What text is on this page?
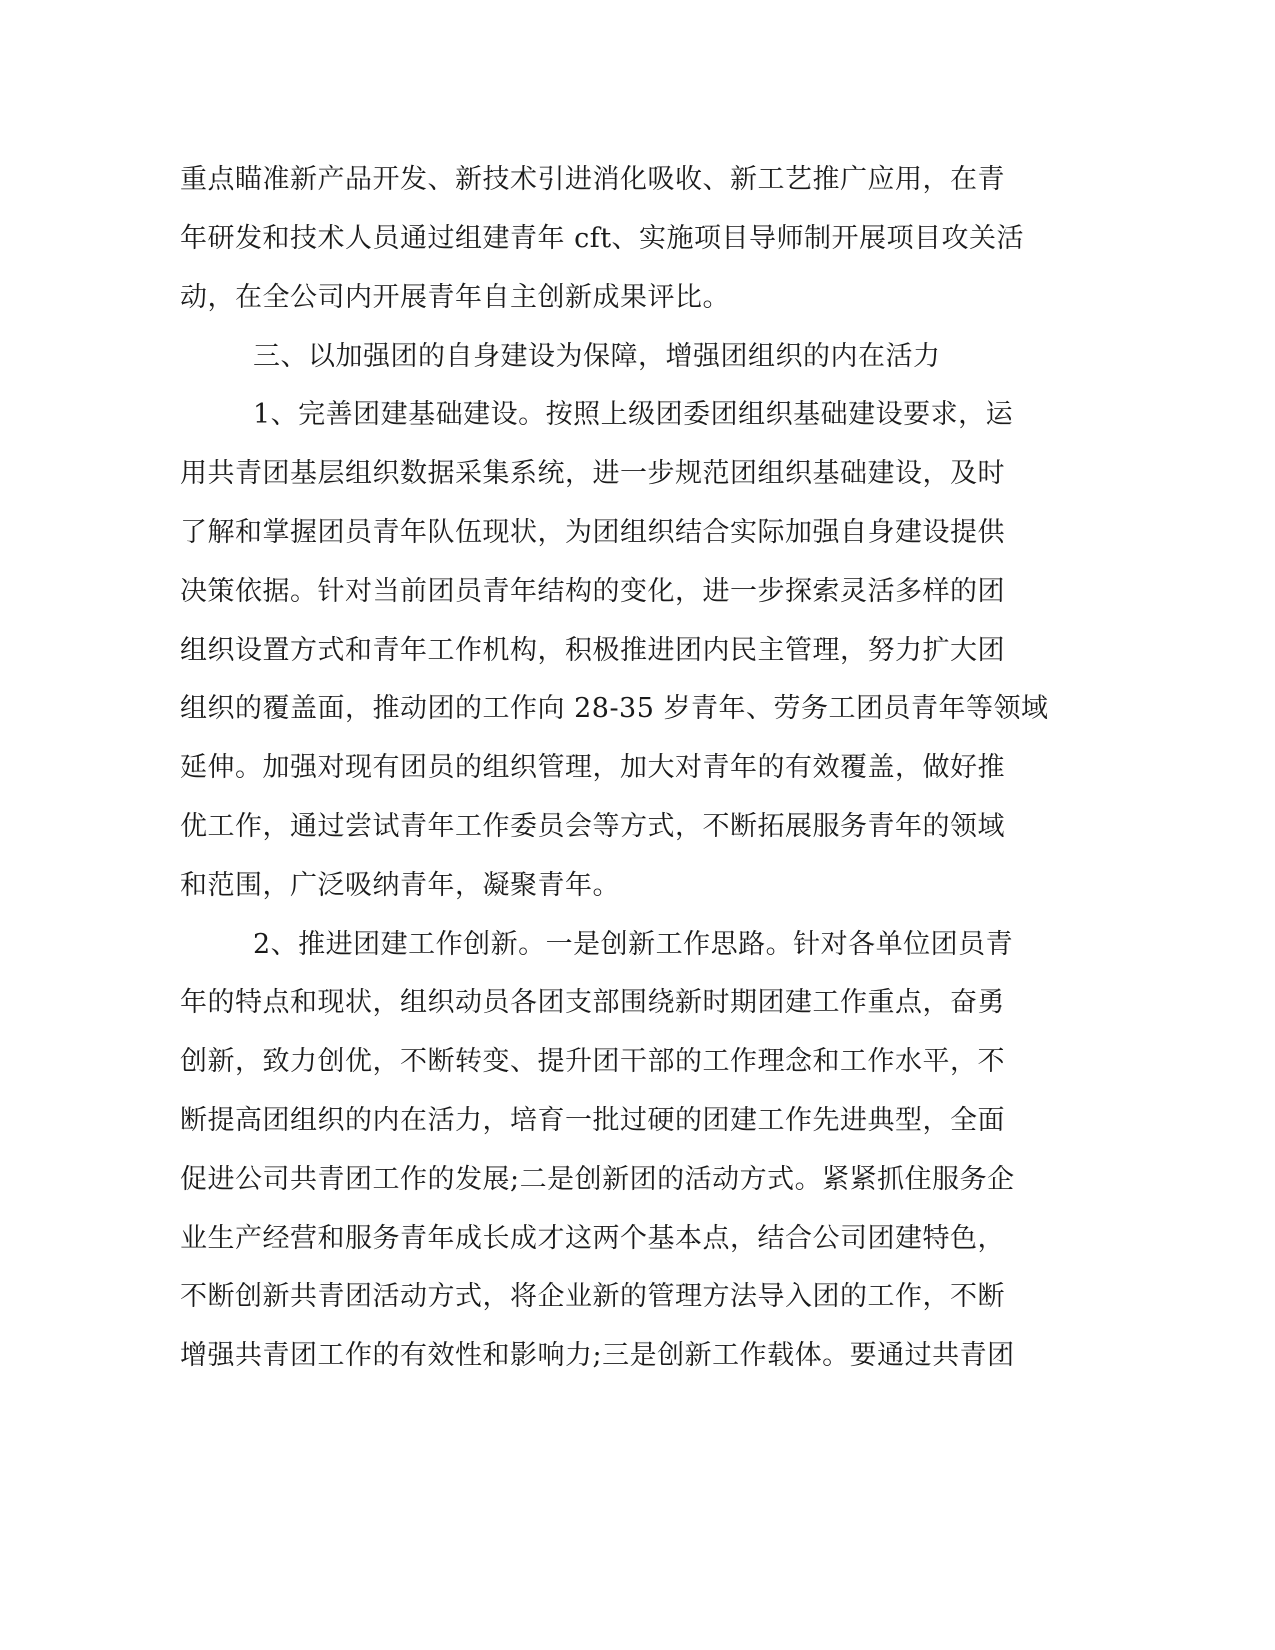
重点瞄准新产品开发、新技术引进消化吸收、新工艺推广应用，在青

年研发和技术人员通过组建青年 cft、实施项目导师制开展项目攻关活

动，在全公司内开展青年自主创新成果评比。

三、以加强团的自身建设为保障，增强团组织的内在活力

1、完善团建基础建设。按照上级团委团组织基础建设要求，运

用共青团基层组织数据采集系统，进一步规范团组织基础建设，及时

了解和掌握团员青年队伍现状，为团组织结合实际加强自身建设提供

决策依据。针对当前团员青年结构的变化，进一步探索灵活多样的团

组织设置方式和青年工作机构，积极推进团内民主管理，努力扩大团

组织的覆盖面，推动团的工作向 28-35 岁青年、劳务工团员青年等领域

延伸。加强对现有团员的组织管理，加大对青年的有效覆盖，做好推

优工作，通过尝试青年工作委员会等方式，不断拓展服务青年的领域

和范围，广泛吸纳青年，凝聚青年。

2、推进团建工作创新。一是创新工作思路。针对各单位团员青

年的特点和现状，组织动员各团支部围绕新时期团建工作重点，奋勇

创新，致力创优，不断转变、提升团干部的工作理念和工作水平，不

断提高团组织的内在活力，培育一批过硬的团建工作先进典型，全面

促进公司共青团工作的发展;二是创新团的活动方式。紧紧抓住服务企

业生产经营和服务青年成长成才这两个基本点，结合公司团建特色，

不断创新共青团活动方式，将企业新的管理方法导入团的工作，不断

增强共青团工作的有效性和影响力;三是创新工作载体。要通过共青团
